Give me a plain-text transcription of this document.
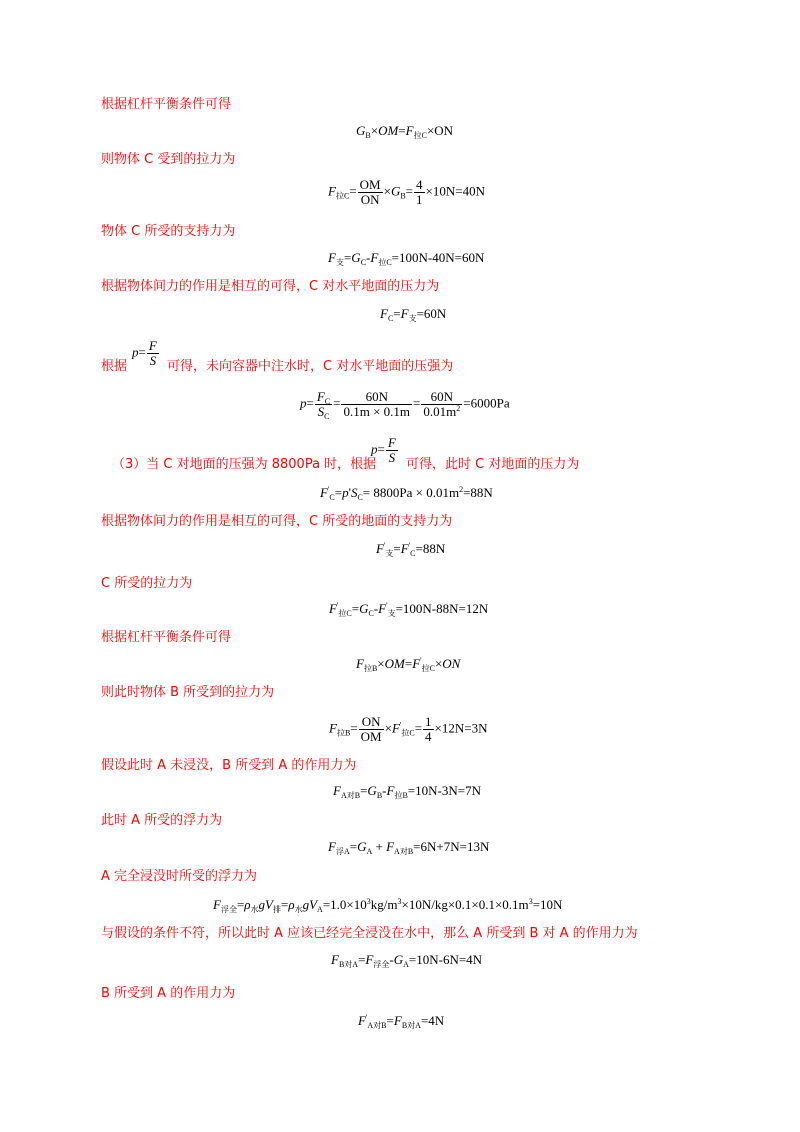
根据杠杆平衡条件可得
$G_B\times OM=F_{拉C}\times ON$
则物体 C 受到的拉力为
$F_{拉C}= \frac{OM}{ON} \times G_B= \frac{4}{1} \times 10N=40N$
物体 C 所受的支持力为
$F_支=G_C-F_{拉C}=100N-40N=60N$
根据物体间力的作用是相互的可得，C 对水平地面的压力为
$F_C=F_支=60N$
根据
$p= \frac{F}{S}$ 可得，未向容器中注水时，C 对水平地面的压强为
$p= \frac{F_C}{S_C} = \frac{60N}{0.1m \times 0.1m} = \frac{60N}{0.01m^2} =6000Pa$
（3）当 C 对地面的压强为 8800Pa 时，根据
$p= \frac{F}{S}$ 可得，此时 C 对地面的压力为
$F'_C=p'S_C= 8800Pa \times 0.01m^2=88N$
根据物体间力的作用是相互的可得，C 所受的地面的支持力为
$F'_支=F'_C=88N$
C 所受的拉力为
$F'_{拉C}=G_C-F'_支=100N-88N=12N$
根据杠杆平衡条件可得
$F_{拉B}\times OM=F'_{拉C}\times ON$
则此时物体 B 所受到的拉力为
$F_{拉B}= \frac{ON}{OM} \times F'_{拉C}= \frac{1}{4} \times 12N=3N$
假设此时 A 未浸没，B 所受到 A 的作用力为
$F_{A对B}=G_B-F_{拉B}=10N-3N=7N$
此时 A 所受的浮力为
$F_{浮A}=G_A + F_{A对B}=6N+7N=13N$
A 完全浸没时所受的浮力为
$F_{浮全}=\rho_水gV_排=\rho_水gV_A=1.0\times 10^3kg/m^3\times 10N/kg\times 0.1\times 0.1\times 0.1m^3=10N$
与假设的条件不符，所以此时 A 应该已经完全浸没在水中，那么 A 所受到 B 对 A 的作用力为
$F_{B对A}=F_{浮全}-G_A=10N-6N=4N$
B 所受到 A 的作用力为
$F'_{A对B}=F_{B对A}=4N$
